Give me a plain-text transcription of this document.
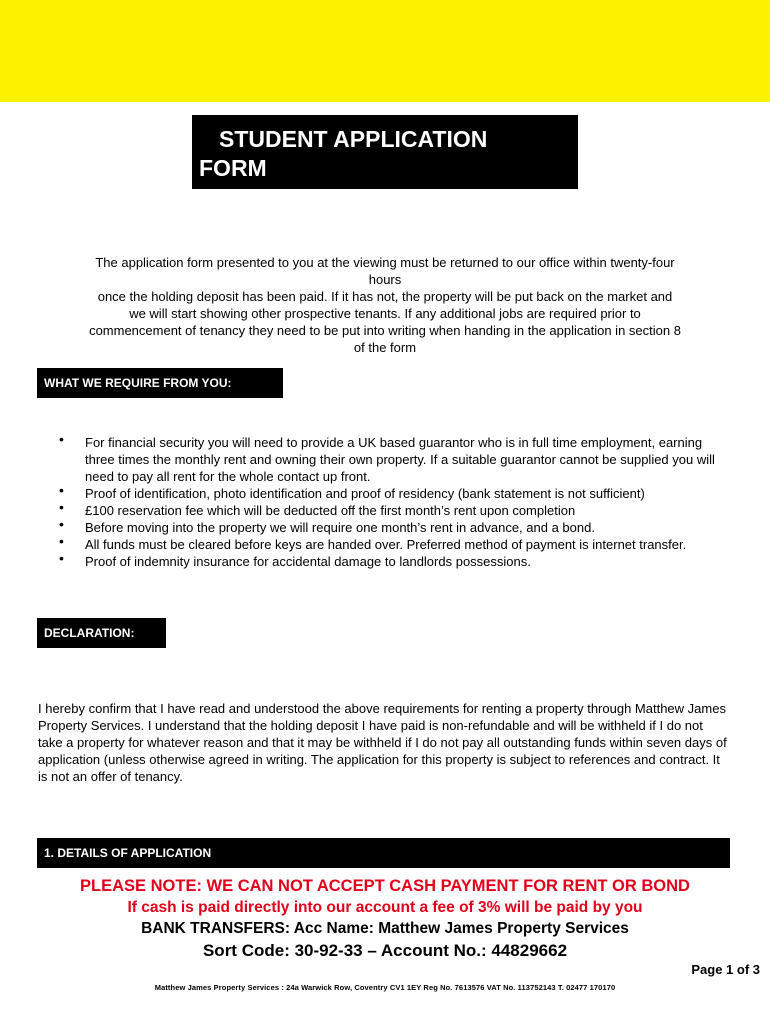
STUDENT APPLICATION
FORM

The application form presented to you at the viewing must be returned to our office within twenty-four

hours

once the holding deposit has been paid. If it has not, the property will be put back on the market and

we will start showing other prospective tenants. If any additional jobs are required prior to

commencement of tenancy they need to be put into writing when handing in the application in section 8

of the form

WHAT WE REQUIRE FROM YOU:
• For financial security you will need to provide a UK based guarantor who is in full time employment, earning three times the monthly rent and owning their own property. If a suitable guarantor cannot be supplied you will need to pay all rent for the whole contact up front.
• Proof of identification, photo identification and proof of residency (bank statement is not sufficient)
• £100 reservation fee which will be deducted off the first month’s rent upon completion
• Before moving into the property we will require one month’s rent in advance, and a bond.
• All funds must be cleared before keys are handed over. Preferred method of payment is internet transfer.
• Proof of indemnity insurance for accidental damage to landlords possessions.
DECLARATION:
I hereby confirm that I have read and understood the above requirements for renting a property through Matthew James Property Services. I understand that the holding deposit I have paid is non-refundable and will be withheld if I do not take a property for whatever reason and that it may be withheld if I do not pay all outstanding funds within seven days of application (unless otherwise agreed in writing. The application for this property is subject to references and contract. It is not an offer of tenancy.
1. DETAILS OF APPLICATION
PLEASE NOTE: WE CAN NOT ACCEPT CASH PAYMENT FOR RENT OR BOND
If cash is paid directly into our account a fee of 3% will be paid by you
BANK TRANSFERS: Acc Name: Matthew James Property Services
Sort Code: 30-92-33 – Account No.: 44829662
Page 1 of 3
Matthew James Property Services : 24a Warwick Row, Coventry CV1 1EY Reg No. 7613576 VAT No. 113752143 T. 02477 170170
